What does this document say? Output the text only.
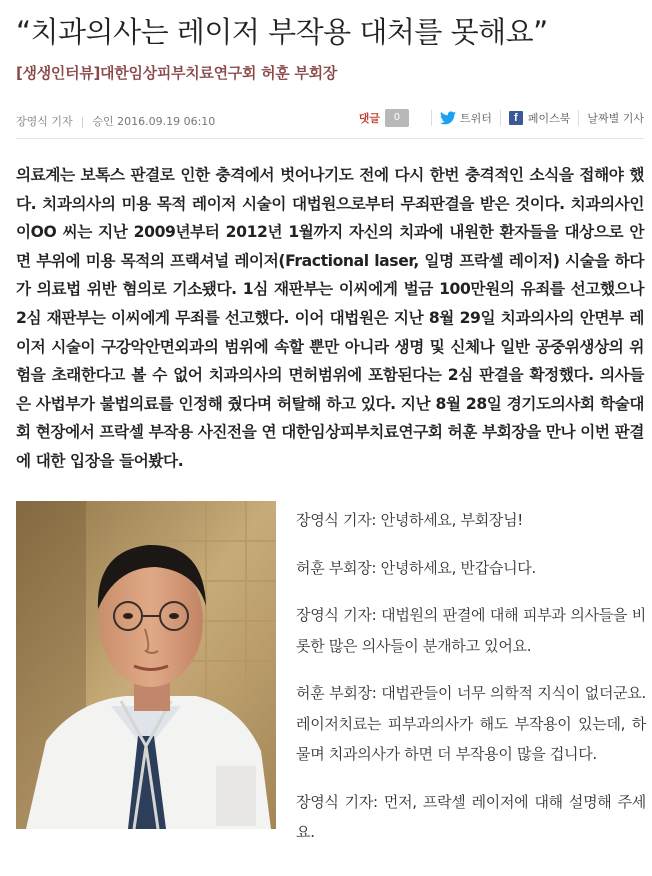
“치과의사는 레이저 부작용 대처를 못해요”
[생생인터뷰]대한임상피부치료연구회 허훈 부회장
장영식 기자 | 승인 2016.09.19 06:10	댓글	0	트위터	f 페이스북	날짜별 기사

의료계는 보톡스 판결로 인한 충격에서 벗어나기도 전에 다시 한번 충격적인 소식을 접해야 했다. 치과의사의 미용 목적 레이저 시술이 대법원으로부터 무죄판결을 받은 것이다. 치과의사인 이OO 씨는 지난 2009년부터 2012년 1월까지 자신의 치과에 내원한 환자들을 대상으로 안면 부위에 미용 목적의 프랙셔널 레이저(Fractional laser, 일명 프락셀 레이저) 시술을 하다가 의료법 위반 혐의로 기소됐다. 1심 재판부는 이씨에게 벌금 100만원의 유죄를 선고했으나 2심 재판부는 이씨에게 무죄를 선고했다. 이어 대법원은 지난 8월 29일 치과의사의 안면부 레이저 시술이 구강악안면외과의 범위에 속할 뿐만 아니라 생명 및 신체나 일반 공중위생상의 위험을 초래한다고 볼 수 없어 치과의사의 면허범위에 포함된다는 2심 판결을 확정했다. 의사들은 사법부가 불법의료를 인정해 줬다며 허탈해 하고 있다. 지난 8월 28일 경기도의사회 학술대회 현장에서 프락셀 부작용 사진전을 연 대한임상피부치료연구회 허훈 부회장을 만나 이번 판결에 대한 입장을 들어봤다.

장영식 기자: 안녕하세요, 부회장님!

허훈 부회장: 안녕하세요, 반갑습니다.

장영식 기자: 대법원의 판결에 대해 피부과 의사들을 비롯한 많은 의사들이 분개하고 있어요.

허훈 부회장: 대법관들이 너무 의학적 지식이 없더군요. 레이저치료는 피부과의사가 해도 부작용이 있는데, 하물며 치과의사가 하면 더 부작용이 많을 겁니다.

장영식 기자: 먼저, 프락셀 레이저에 대해 설명해 주세요.
